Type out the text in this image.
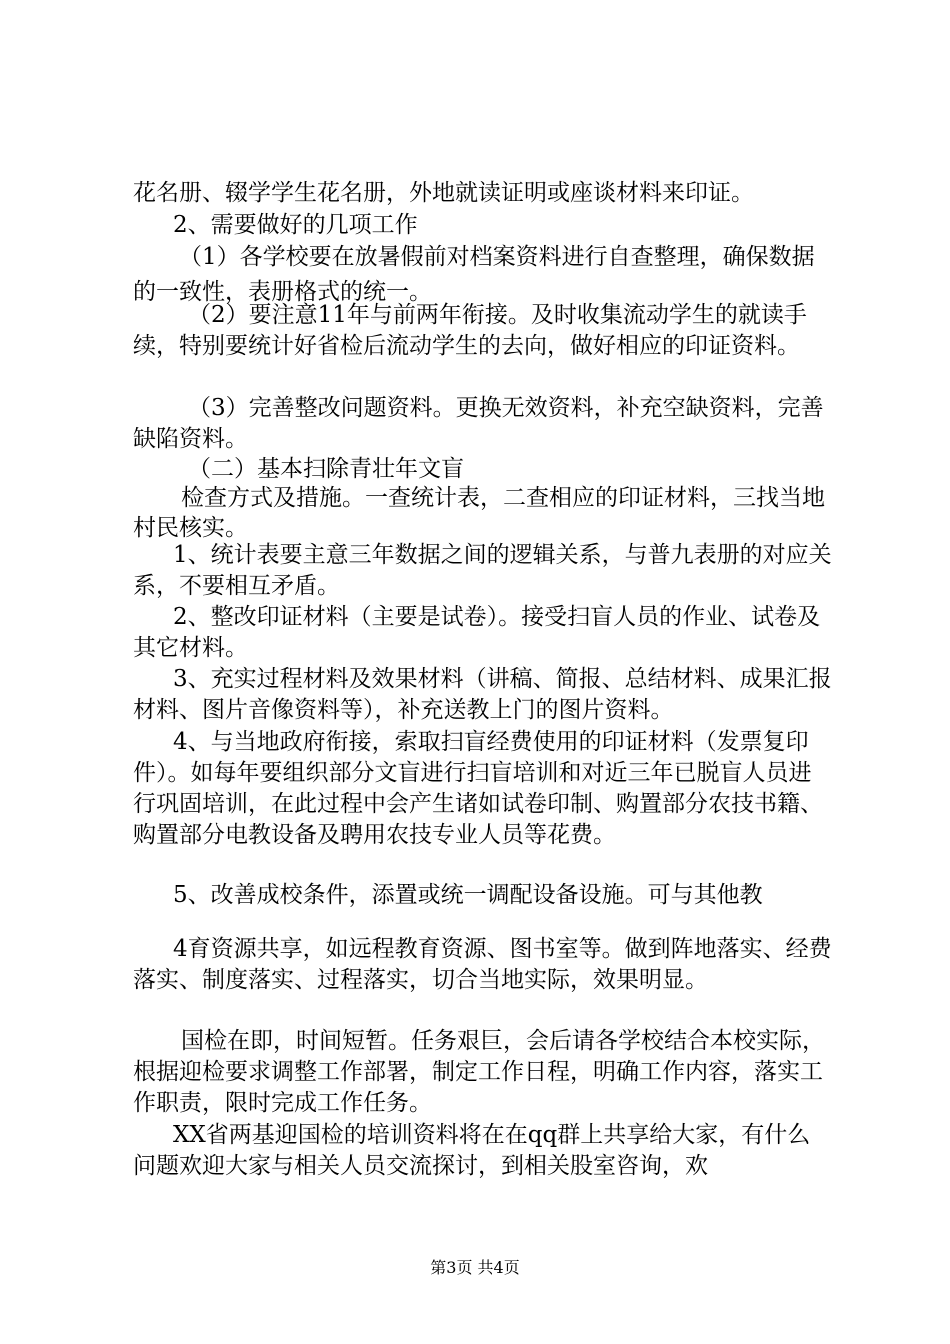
花名册、辍学学生花名册，外地就读证明或座谈材料来印证。

2、需要做好的几项工作

（1）各学校要在放暑假前对档案资料进行自查整理，确保数据的一致性，表册格式的统一。

（2）要注意11年与前两年衔接。及时收集流动学生的就读手续，特别要统计好省检后流动学生的去向，做好相应的印证资料。

（3）完善整改问题资料。更换无效资料，补充空缺资料，完善缺陷资料。

（二）基本扫除青壮年文盲

检查方式及措施。一查统计表，二查相应的印证材料，三找当地村民核实。

1、统计表要主意三年数据之间的逻辑关系，与普九表册的对应关系，不要相互矛盾。

2、整改印证材料（主要是试卷）。接受扫盲人员的作业、试卷及其它材料。

3、充实过程材料及效果材料（讲稿、简报、总结材料、成果汇报材料、图片音像资料等），补充送教上门的图片资料。

4、与当地政府衔接，索取扫盲经费使用的印证材料（发票复印件）。如每年要组织部分文盲进行扫盲培训和对近三年已脱盲人员进行巩固培训，在此过程中会产生诸如试卷印制、购置部分农技书籍、购置部分电教设备及聘用农技专业人员等花费。

5、改善成校条件，添置或统一调配设备设施。可与其他教

4育资源共享，如远程教育资源、图书室等。做到阵地落实、经费落实、制度落实、过程落实，切合当地实际，效果明显。

国检在即，时间短暂。任务艰巨，会后请各学校结合本校实际，根据迎检要求调整工作部署，制定工作日程，明确工作内容，落实工作职责，限时完成工作任务。

XX省两基迎国检的培训资料将在在qq群上共享给大家，有什么问题欢迎大家与相关人员交流探讨，到相关股室咨询，欢

第3页 共4页
